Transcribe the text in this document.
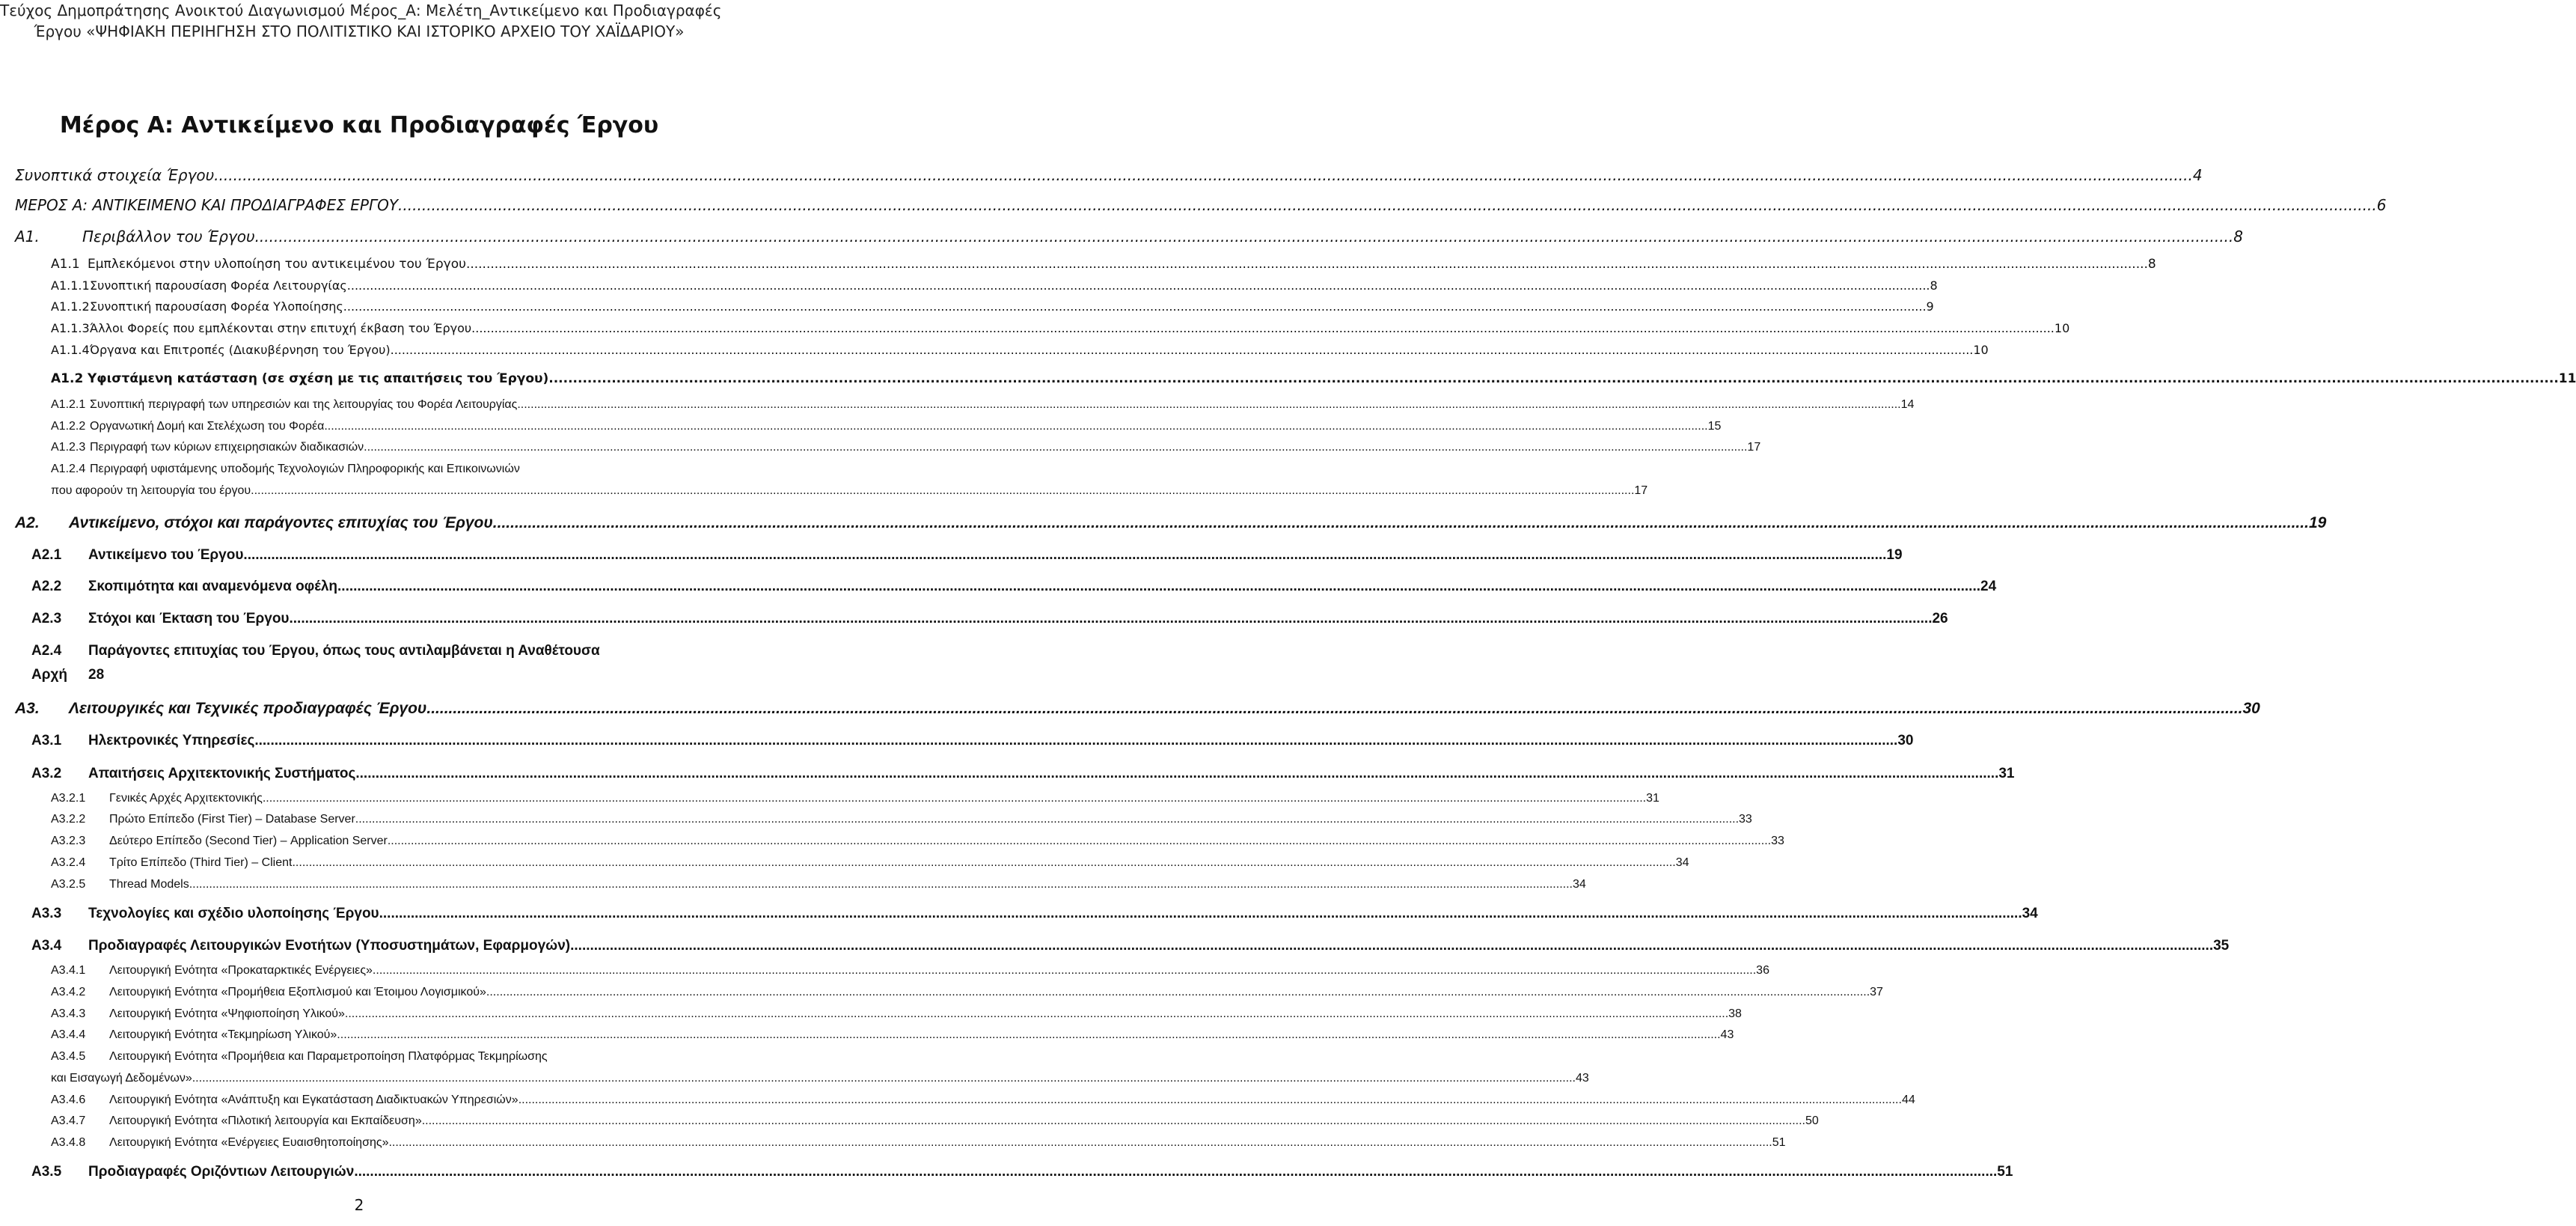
Τεύχος Δημοπράτησης Ανοικτού Διαγωνισμού Μέρος_Α: Μελέτη_Αντικείμενο και Προδιαγραφές
Έργου «ΨΗΦΙΑΚΗ ΠΕΡΙΗΓΗΣΗ ΣΤΟ ΠΟΛΙΤΙΣΤΙΚΟ ΚΑΙ ΙΣΤΟΡΙΚΟ ΑΡΧΕΙΟ ΤΟΥ ΧΑΪΔΑΡΙΟΥ»
Μέρος Α: Αντικείμενο και Προδιαγραφές Έργου
Συνοπτικά στοιχεία Έργου .....	4
ΜΕΡΟΣ Α: ΑΝΤΙΚΕΙΜΕΝΟ ΚΑΙ ΠΡΟΔΙΑΓΡΑΦΕΣ ΕΡΓΟΥ .....	6
Α1.	Περιβάλλον του Έργου .....	8
Α1.1 Εμπλεκόμενοι στην υλοποίηση του αντικειμένου του Έργου .....	8
Α1.1.1 Συνοπτική παρουσίαση Φορέα Λειτουργίας .....	8
Α1.1.2 Συνοπτική παρουσίαση Φορέα Υλοποίησης .....	9
Α1.1.3 Άλλοι Φορείς που εμπλέκονται στην επιτυχή έκβαση του Έργου .....	10
Α1.1.4 Όργανα και Επιτροπές (Διακυβέρνηση του Έργου) .....	10
Α1.2 Υφιστάμενη κατάσταση (σε σχέση με τις απαιτήσεις του Έργου) .....	11
Α1.2.1 Συνοπτική περιγραφή των υπηρεσιών και της λειτουργίας του Φορέα Λειτουργίας .....	14
Α1.2.2 Οργανωτική Δομή και Στελέχωση του Φορέα .....	15
Α1.2.3 Περιγραφή των κύριων επιχειρησιακών διαδικασιών .....	17
Α1.2.4 Περιγραφή υφιστάμενης υποδομής Τεχνολογιών Πληροφορικής και Επικοινωνιών
που αφορούν τη λειτουργία του έργου .....	17
Α2.	Αντικείμενο, στόχοι και παράγοντες επιτυχίας του Έργου .....	19
Α2.1	Αντικείμενο του Έργου .....	19
Α2.2	Σκοπιμότητα και αναμενόμενα οφέλη .....	24
Α2.3	Στόχοι και Έκταση του Έργου .....	26
Α2.4	Παράγοντες επιτυχίας του Έργου, όπως τους αντιλαμβάνεται η Αναθέτουσα
Αρχή	28
Α3.	Λειτουργικές και Τεχνικές προδιαγραφές Έργου .....	30
Α3.1	Ηλεκτρονικές Υπηρεσίες .....	30
Α3.2	Απαιτήσεις Αρχιτεκτονικής Συστήματος .....	31
Α3.2.1	Γενικές Αρχές Αρχιτεκτονικής .....	31
Α3.2.2	Πρώτο Επίπεδο (First Tier) – Database Server .....	33
Α3.2.3	Δεύτερο Επίπεδο (Second Tier) – Application Server .....	33
Α3.2.4	Τρίτο Επίπεδο (Third Tier) – Client .....	34
Α3.2.5	Thread Models .....	34
Α3.3	Τεχνολογίες και σχέδιο υλοποίησης Έργου .....	34
Α3.4	Προδιαγραφές Λειτουργικών Ενοτήτων (Υποσυστημάτων, Εφαρμογών) .....	35
Α3.4.1	Λειτουργική Ενότητα «Προκαταρκτικές Ενέργειες» .....	36
Α3.4.2	Λειτουργική Ενότητα «Προμήθεια Εξοπλισμού και Έτοιμου Λογισμικού» .....	37
Α3.4.3	Λειτουργική Ενότητα «Ψηφιοποίηση Υλικού» .....	38
Α3.4.4	Λειτουργική Ενότητα «Τεκμηρίωση Υλικού» .....	43
Α3.4.5	Λειτουργική Ενότητα «Προμήθεια και Παραμετροποίηση Πλατφόρμας Τεκμηρίωσης
και Εισαγωγή Δεδομένων» .....	43
Α3.4.6	Λειτουργική Ενότητα «Ανάπτυξη και Εγκατάσταση Διαδικτυακών Υπηρεσιών» .....	44
Α3.4.7	Λειτουργική Ενότητα «Πιλοτική λειτουργία και Εκπαίδευση» .....	50
Α3.4.8	Λειτουργική Ενότητα «Ενέργειες Ευαισθητοποίησης» .....	51
Α3.5	Προδιαγραφές Οριζόντιων Λειτουργιών .....	51
2
